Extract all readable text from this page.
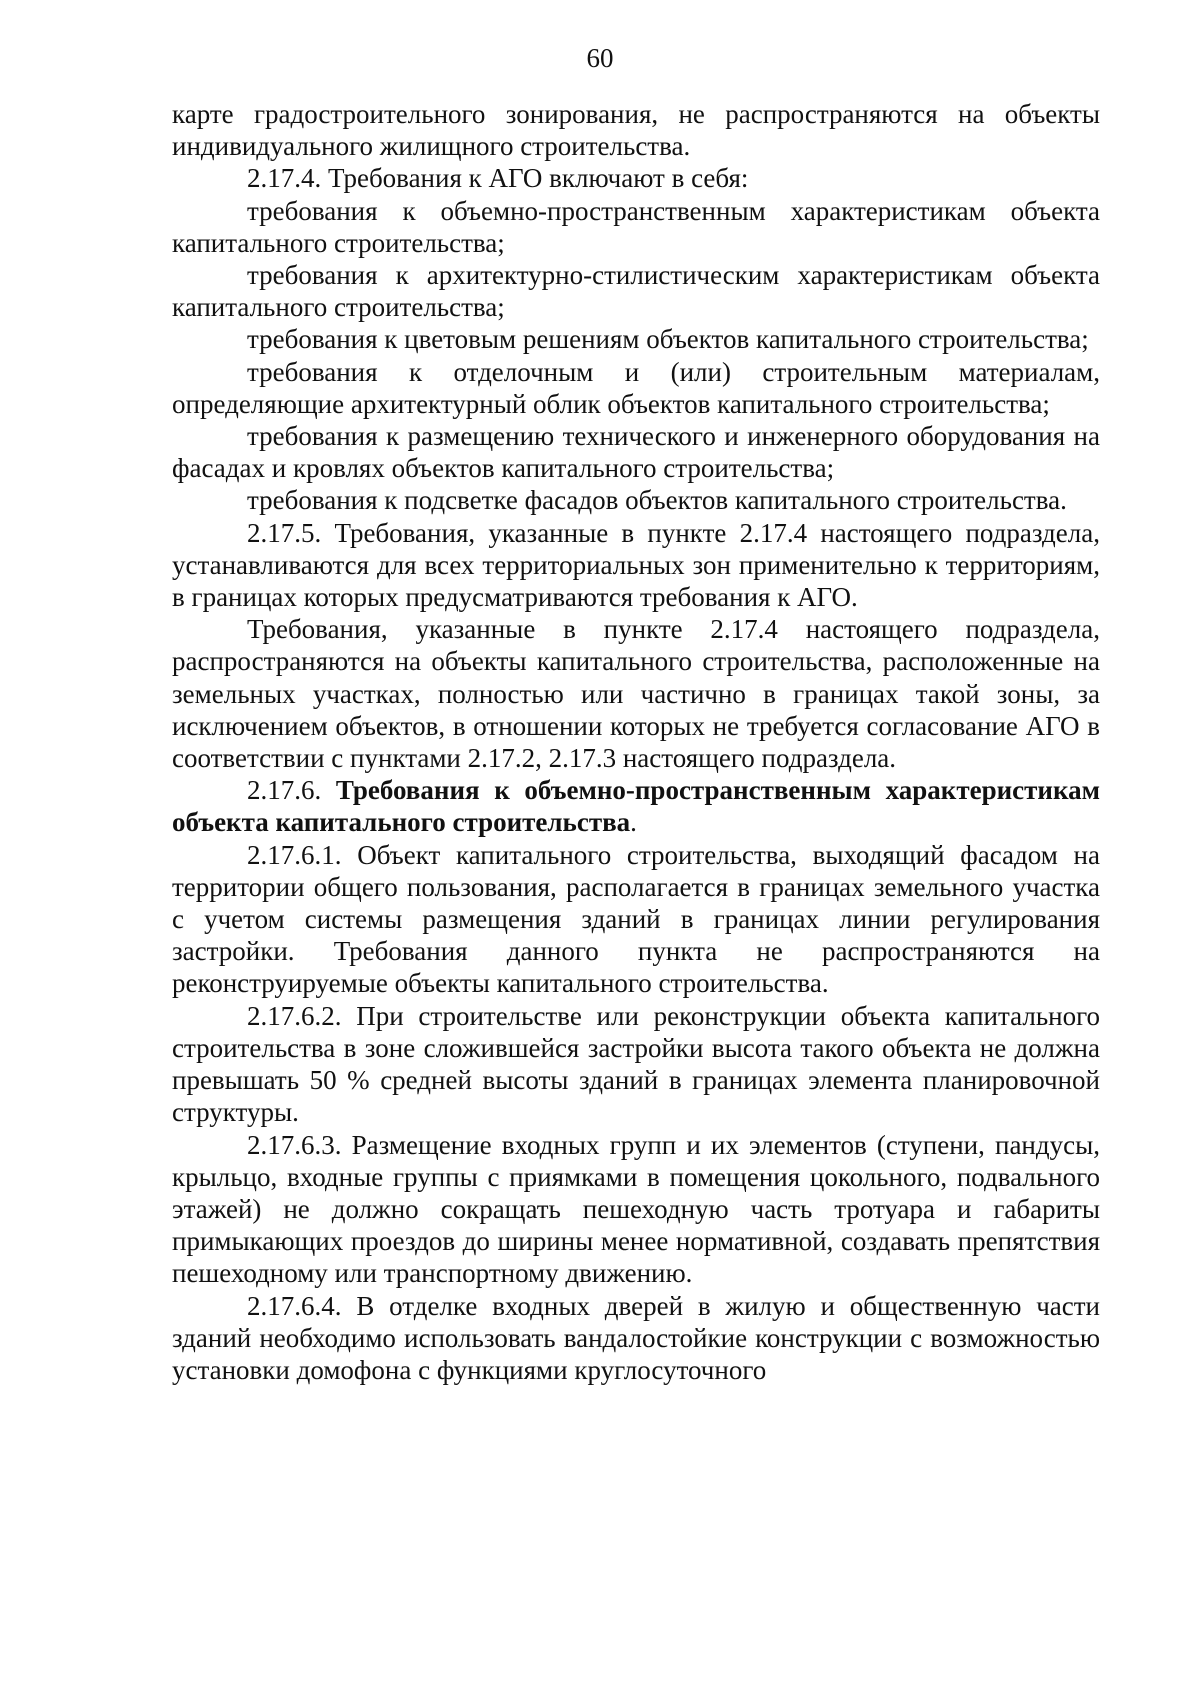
60

карте градостроительного зонирования, не распространяются на объекты индивидуального жилищного строительства.

2.17.4. Требования к АГО включают в себя:

требования к объемно-пространственным характеристикам объекта капитального строительства;

требования к архитектурно-стилистическим характеристикам объекта капитального строительства;

требования к цветовым решениям объектов капитального строительства;

требования к отделочным и (или) строительным материалам, определяющие архитектурный облик объектов капитального строительства;

требования к размещению технического и инженерного оборудования на фасадах и кровлях объектов капитального строительства;

требования к подсветке фасадов объектов капитального строительства.

2.17.5. Требования, указанные в пункте 2.17.4 настоящего подраздела, устанавливаются для всех территориальных зон применительно к территориям, в границах которых предусматриваются требования к АГО.

Требования, указанные в пункте 2.17.4 настоящего подраздела, распространяются на объекты капитального строительства, расположенные на земельных участках, полностью или частично в границах такой зоны, за исключением объектов, в отношении которых не требуется согласование АГО в соответствии с пунктами 2.17.2, 2.17.3 настоящего подраздела.

2.17.6. Требования к объемно-пространственным характеристикам объекта капитального строительства.

2.17.6.1. Объект капитального строительства, выходящий фасадом на территории общего пользования, располагается в границах земельного участка с учетом системы размещения зданий в границах линии регулирования застройки. Требования данного пункта не распространяются на реконструируемые объекты капитального строительства.

2.17.6.2. При строительстве или реконструкции объекта капитального строительства в зоне сложившейся застройки высота такого объекта не должна превышать 50 % средней высоты зданий в границах элемента планировочной структуры.

2.17.6.3. Размещение входных групп и их элементов (ступени, пандусы, крыльцо, входные группы с приямками в помещения цокольного, подвального этажей) не должно сокращать пешеходную часть тротуара и габариты примыкающих проездов до ширины менее нормативной, создавать препятствия пешеходному или транспортному движению.

2.17.6.4. В отделке входных дверей в жилую и общественную части зданий необходимо использовать вандалостойкие конструкции с возможностью установки домофона с функциями круглосуточного
